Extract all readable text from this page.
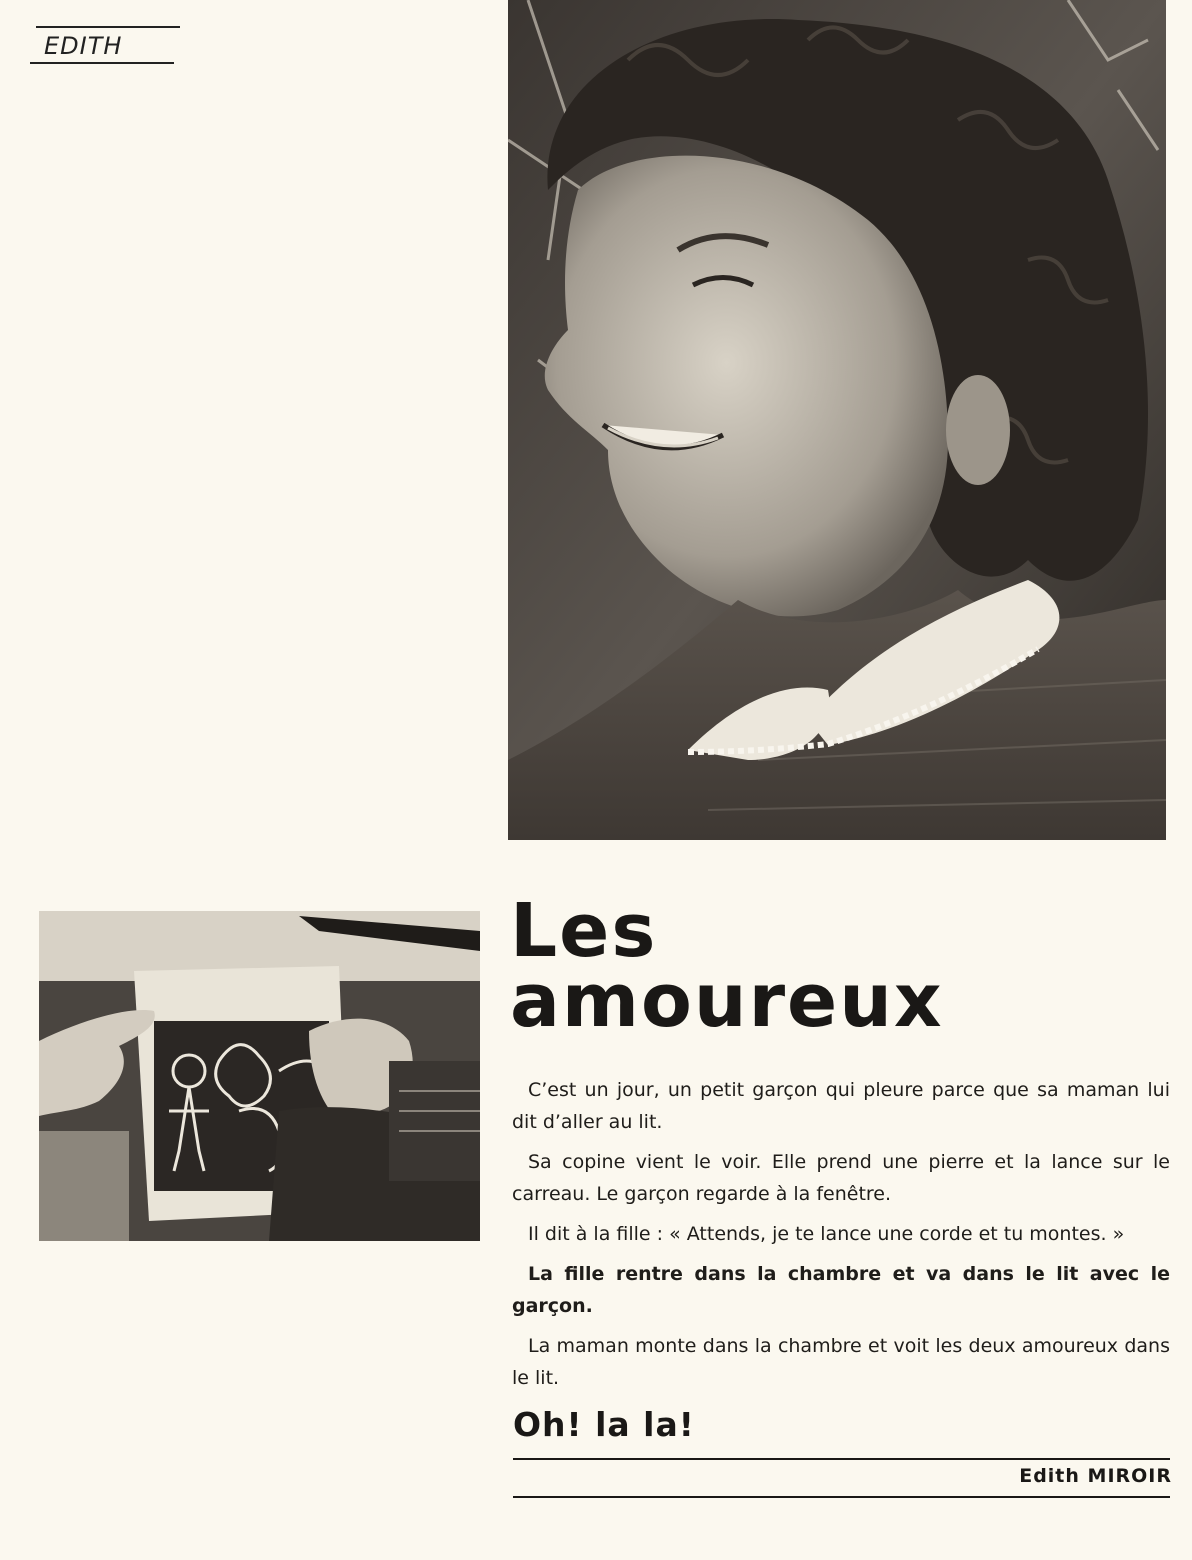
EDITH
Les
amoureux

C’est un jour, un petit garçon qui pleure parce que sa maman lui dit d’aller au lit.

Sa copine vient le voir. Elle prend une pierre et la lance sur le carreau. Le garçon regarde à la fenêtre.

Il dit à la fille : « Attends, je te lance une corde et tu montes. »

La fille rentre dans la chambre et va dans le lit avec le garçon.

La maman monte dans la chambre et voit les deux amoureux dans le lit.

Oh! la la!
Edith MIROIR
